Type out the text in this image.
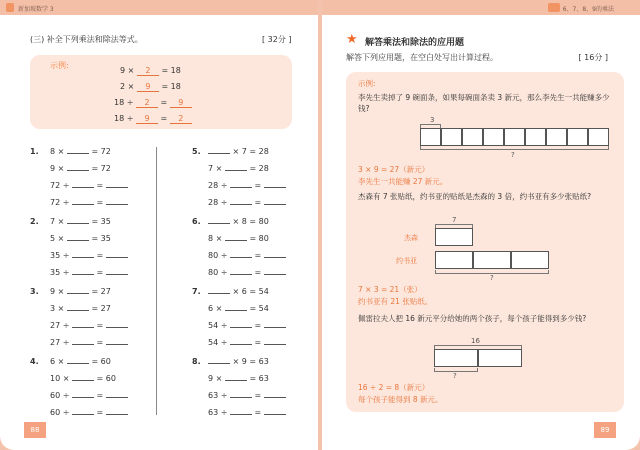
新加坡数学 3
(三) 补全下列乘法和除法等式。	[ 32分 ]
示例:
9 × 2 = 18
2 × 9 = 18
18 ÷ 2 = 9
18 ÷ 9 = 2
1. 8 ×	= 72
9 ×	= 72
72 ÷	=
72 ÷	=
2. 7 ×	= 35
5 ×	= 35
35 ÷	=
35 ÷	=
3. 9 ×	= 27
3 ×	= 27
27 ÷	=
27 ÷	=
4. 6 ×	= 60
10 ×	= 60
60 ÷	=
60 ÷	=
5.	× 7 = 28
7 ×	= 28
28 ÷	=
28 ÷	=
6.	× 8 = 80
8 ×	= 80
80 ÷	=
80 ÷	=
7.	× 6 = 54
6 ×	= 54
54 ÷	=
54 ÷	=
8.	× 9 = 63
9 ×	= 63
63 ÷	=
63 ÷	=
88
6、7、8、9的乘法
★ 解答乘法和除法的应用题
解答下列应用题，在空白处写出计算过程。	[ 16分 ]
示例:
李先生卖掉了 9 碗面条，如果每碗面条卖 3 新元，那么李先生一共能赚多少钱?
3
?
3 × 9 = 27（新元）
李先生一共能赚 27 新元。
杰森有 7 张贴纸，约书亚的贴纸是杰森的 3 倍，约书亚有多少张贴纸?
7
杰森
约书亚
?
7 × 3 = 21（张）
约书亚有 21 张贴纸。
佩雷拉夫人把 16 新元平分给她的两个孩子，每个孩子能得到多少钱?
16
?
16 ÷ 2 = 8（新元）
每个孩子能得到 8 新元。
89
